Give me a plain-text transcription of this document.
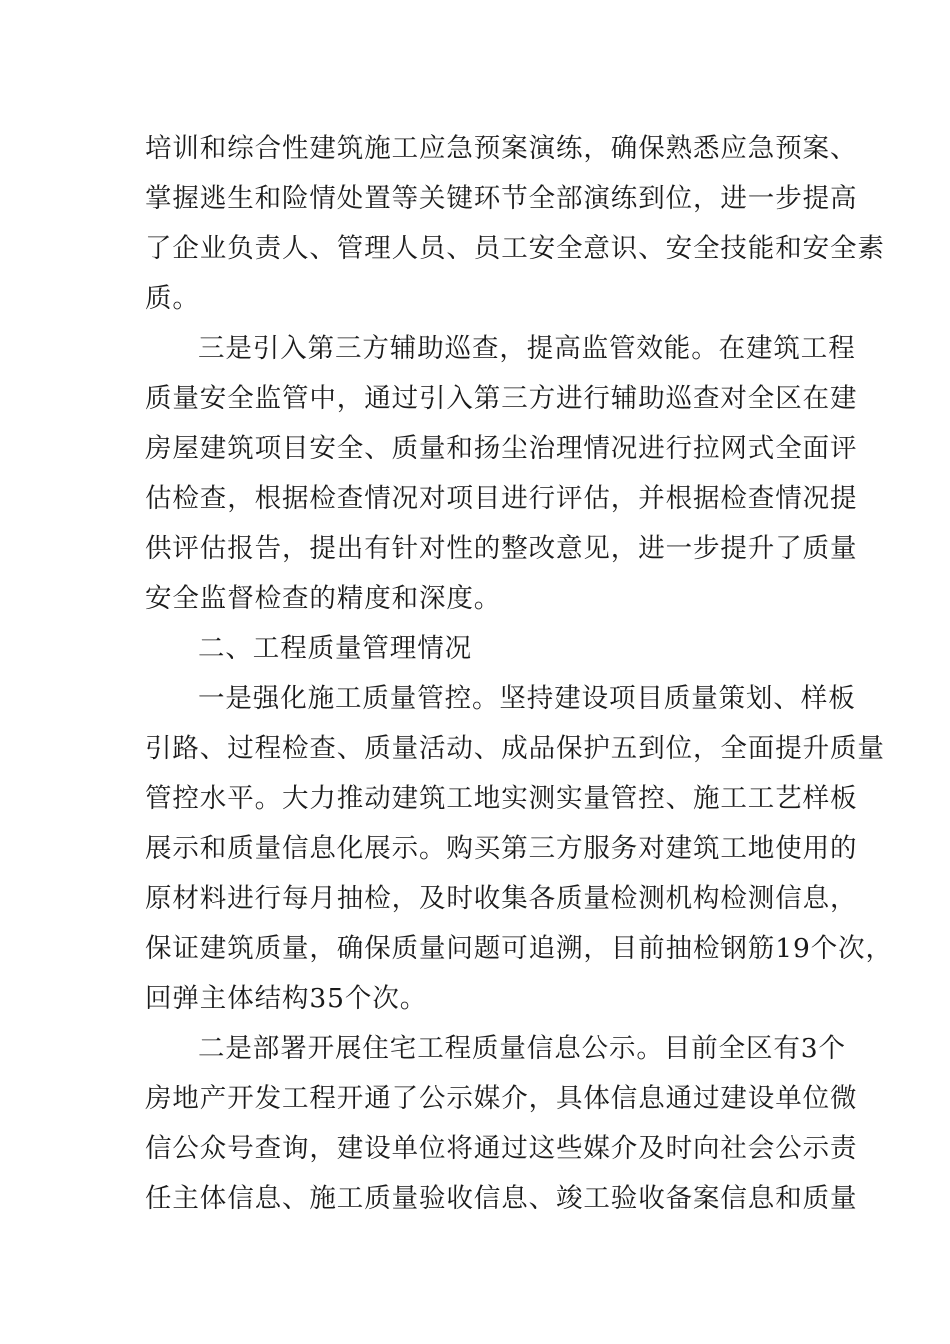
培训和综合性建筑施工应急预案演练，确保熟悉应急预案、
掌握逃生和险情处置等关键环节全部演练到位，进一步提高
了企业负责人、管理人员、员工安全意识、安全技能和安全素
质。
三是引入第三方辅助巡查，提高监管效能。在建筑工程
质量安全监管中，通过引入第三方进行辅助巡查对全区在建
房屋建筑项目安全、质量和扬尘治理情况进行拉网式全面评
估检查，根据检查情况对项目进行评估，并根据检查情况提
供评估报告，提出有针对性的整改意见，进一步提升了质量
安全监督检查的精度和深度。
二、工程质量管理情况
一是强化施工质量管控。坚持建设项目质量策划、样板
引路、过程检查、质量活动、成品保护五到位，全面提升质量
管控水平。大力推动建筑工地实测实量管控、施工工艺样板
展示和质量信息化展示。购买第三方服务对建筑工地使用的
原材料进行每月抽检，及时收集各质量检测机构检测信息，
保证建筑质量，确保质量问题可追溯，目前抽检钢筋19个次，
回弹主体结构35个次。
二是部署开展住宅工程质量信息公示。目前全区有3个
房地产开发工程开通了公示媒介，具体信息通过建设单位微
信公众号查询，建设单位将通过这些媒介及时向社会公示责
任主体信息、施工质量验收信息、竣工验收备案信息和质量
